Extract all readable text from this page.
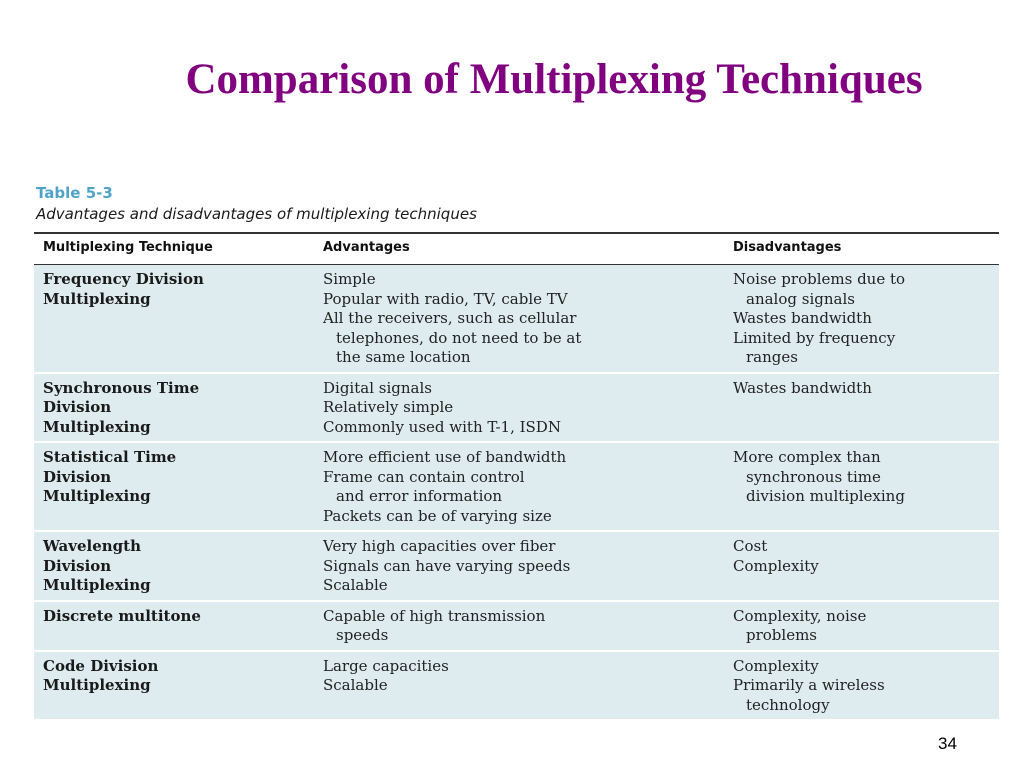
Comparison of Multiplexing Techniques
Table 5-3
Advantages and disadvantages of multiplexing techniques
Multiplexing Technique	Advantages	Disadvantages

Frequency Division
Multiplexing	Simple
Popular with radio, TV, cable TV
All the receivers, such as cellular
telephones, do not need to be at
the same location	Noise problems due to
analog signals
Wastes bandwidth
Limited by frequency
ranges

Synchronous Time
Division
Multiplexing	Digital signals
Relatively simple
Commonly used with T-1, ISDN	Wastes bandwidth

Statistical Time
Division
Multiplexing	More efficient use of bandwidth
Frame can contain control
and error information
Packets can be of varying size	More complex than
synchronous time
division multiplexing

Wavelength
Division
Multiplexing	Very high capacities over fiber
Signals can have varying speeds
Scalable	Cost
Complexity

Discrete multitone	Capable of high transmission
speeds	Complexity, noise
problems

Code Division
Multiplexing	Large capacities
Scalable	Complexity
Primarily a wireless
technology
34
